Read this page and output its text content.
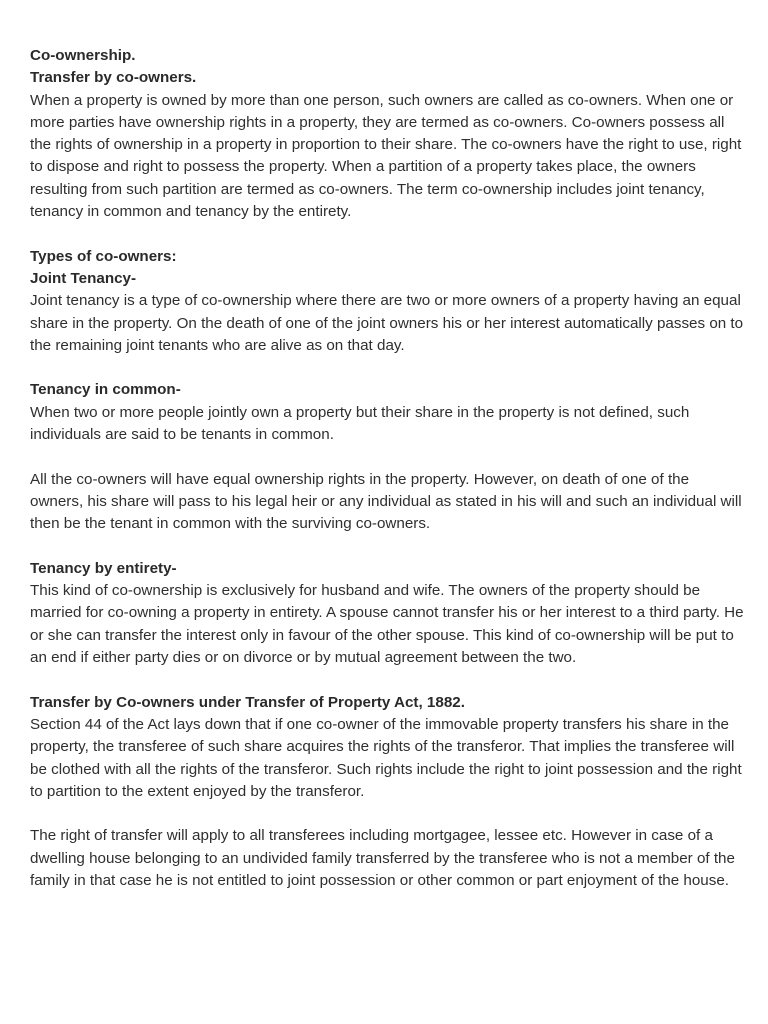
Co-ownership.
Transfer by co-owners.

When a property is owned by more than one person, such owners are called as co-owners. When one or more parties have ownership rights in a property, they are termed as co-owners. Co-owners possess all the rights of ownership in a property in proportion to their share. The co-owners have the right to use, right to dispose and right to possess the property. When a partition of a property takes place, the owners resulting from such partition are termed as co-owners. The term co-ownership includes joint tenancy, tenancy in common and tenancy by the entirety.

Types of co-owners:
Joint Tenancy-

Joint tenancy is a type of co-ownership where there are two or more owners of a property having an equal share in the property. On the death of one of the joint owners his or her interest automatically passes on to the remaining joint tenants who are alive as on that day.

Tenancy in common-

When two or more people jointly own a property but their share in the property is not defined, such individuals are said to be tenants in common.

All the co-owners will have equal ownership rights in the property. However, on death of one of the owners, his share will pass to his legal heir or any individual as stated in his will and such an individual will then be the tenant in common with the surviving co-owners.

Tenancy by entirety-

This kind of co-ownership is exclusively for husband and wife. The owners of the property should be married for co-owning a property in entirety. A spouse cannot transfer his or her interest to a third party. He or she can transfer the interest only in favour of the other spouse. This kind of co-ownership will be put to an end if either party dies or on divorce or by mutual agreement between the two.

Transfer by Co-owners under Transfer of Property Act, 1882.

Section 44 of the Act lays down that if one co-owner of the immovable property transfers his share in the property, the transferee of such share acquires the rights of the transferor. That implies the transferee will be clothed with all the rights of the transferor. Such rights include the right to joint possession and the right to partition to the extent enjoyed by the transferor.

The right of transfer will apply to all transferees including mortgagee, lessee etc. However in case of a dwelling house belonging to an undivided family transferred by the transferee who is not a member of the family in that case he is not entitled to joint possession or other common or part enjoyment of the house.
